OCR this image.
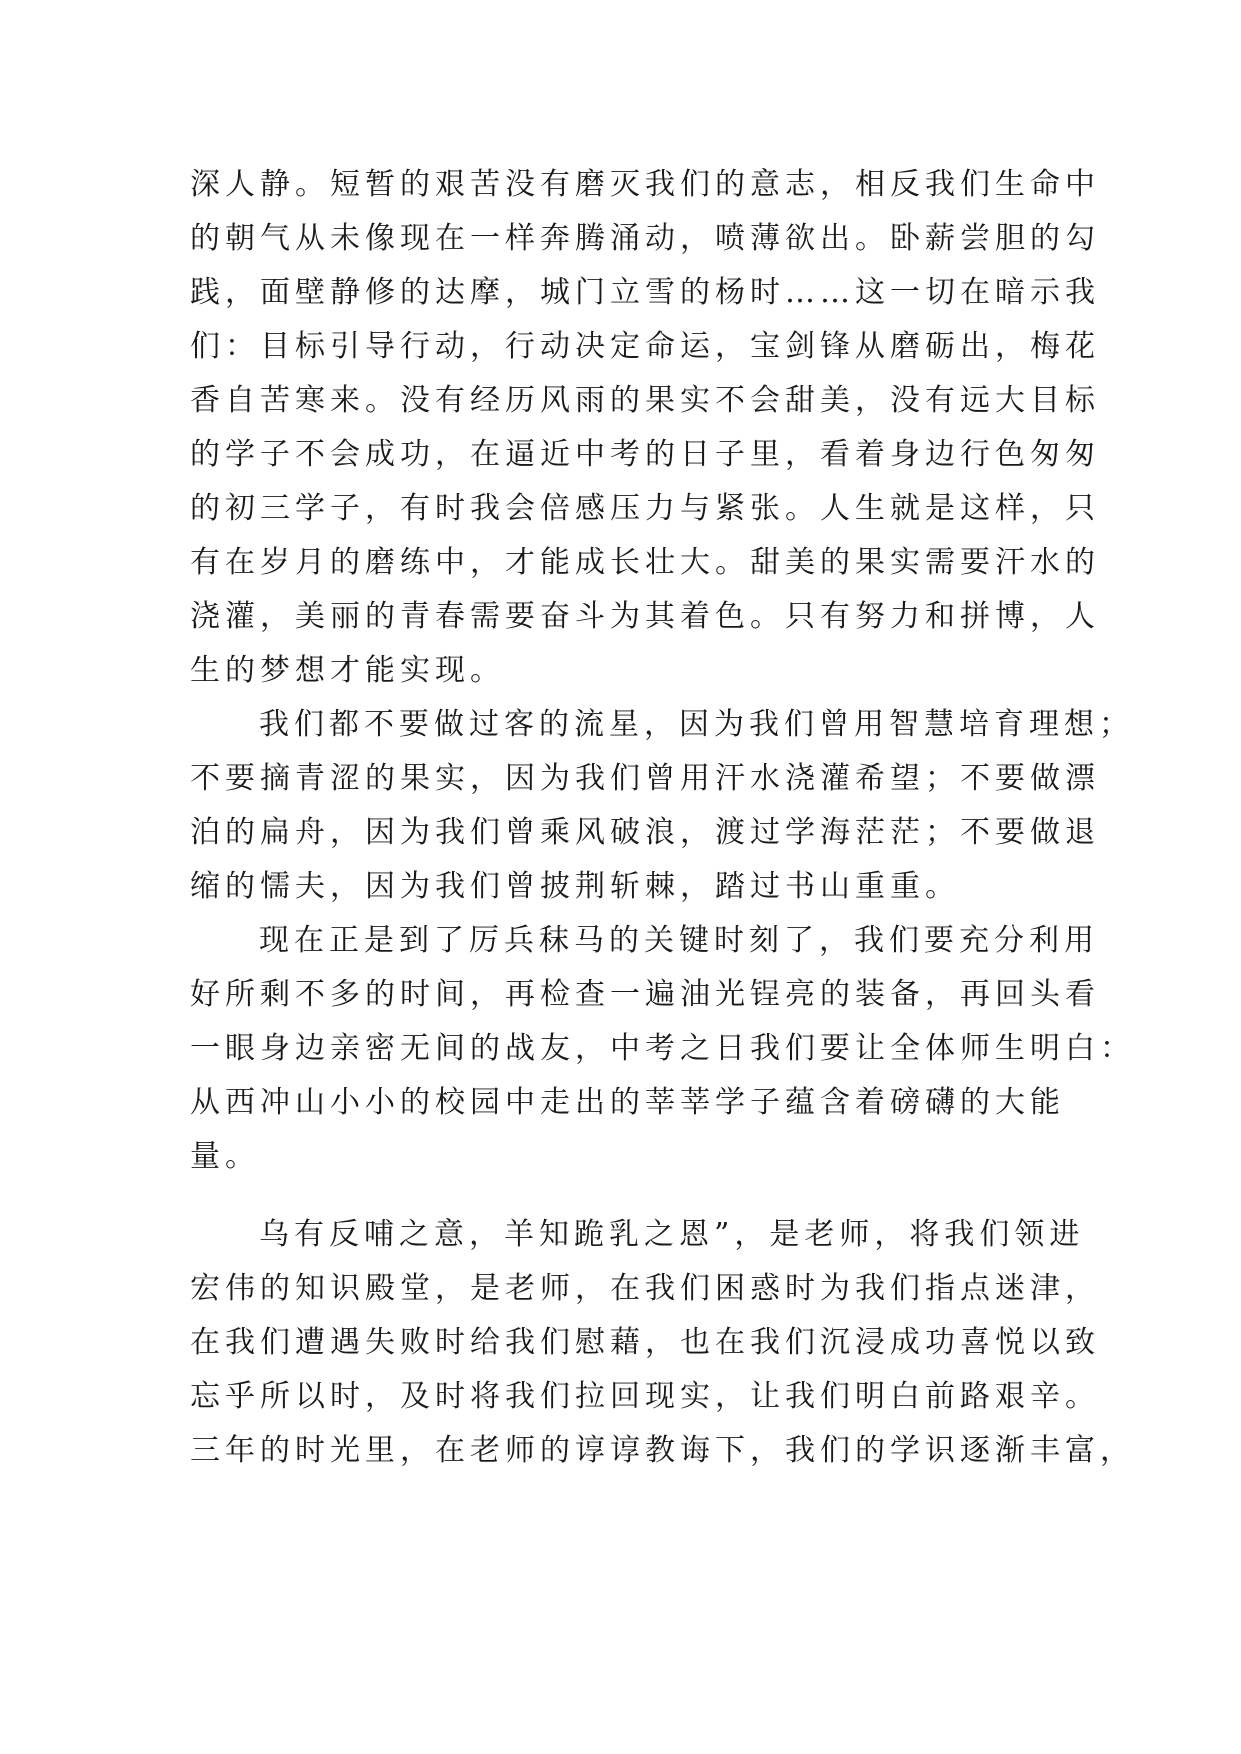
深人静。短暂的艰苦没有磨灭我们的意志，相反我们生命中
的朝气从未像现在一样奔腾涌动，喷薄欲出。卧薪尝胆的勾
践，面壁静修的达摩，城门立雪的杨时……这一切在暗示我
们：目标引导行动，行动决定命运，宝剑锋从磨砺出，梅花
香自苦寒来。没有经历风雨的果实不会甜美，没有远大目标
的学子不会成功，在逼近中考的日子里，看着身边行色匆匆
的初三学子，有时我会倍感压力与紧张。人生就是这样，只
有在岁月的磨练中，才能成长壮大。甜美的果实需要汗水的
浇灌，美丽的青春需要奋斗为其着色。只有努力和拼博，人
生的梦想才能实现。
我们都不要做过客的流星，因为我们曾用智慧培育理想；
不要摘青涩的果实，因为我们曾用汗水浇灌希望；不要做漂
泊的扁舟，因为我们曾乘风破浪，渡过学海茫茫；不要做退
缩的懦夫，因为我们曾披荆斩棘，踏过书山重重。
现在正是到了厉兵秣马的关键时刻了，我们要充分利用
好所剩不多的时间，再检查一遍油光锃亮的装备，再回头看
一眼身边亲密无间的战友，中考之日我们要让全体师生明白：
从西冲山小小的校园中走出的莘莘学子蕴含着磅礴的大能
量。
乌有反哺之意，羊知跪乳之恩”，是老师，将我们领进
宏伟的知识殿堂，是老师，在我们困惑时为我们指点迷津，
在我们遭遇失败时给我们慰藉，也在我们沉浸成功喜悦以致
忘乎所以时，及时将我们拉回现实，让我们明白前路艰辛。
三年的时光里，在老师的谆谆教诲下，我们的学识逐渐丰富，
